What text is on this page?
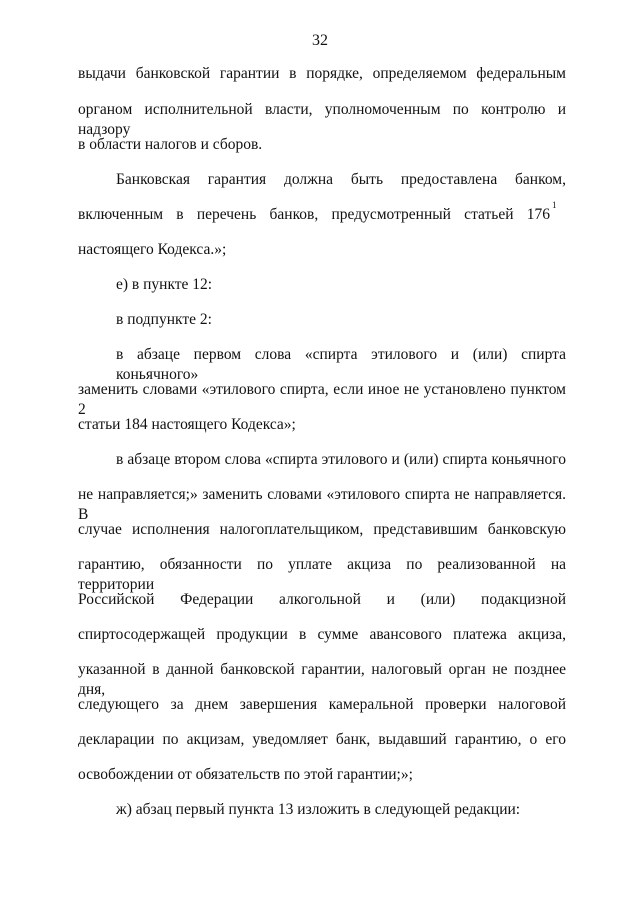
32
выдачи банковской гарантии в порядке, определяемом федеральным
органом исполнительной власти, уполномоченным по контролю и надзору
в области налогов и сборов.
Банковская гарантия должна быть предоставлена банком,
включенным в перечень банков, предусмотренный статьей 176
1
настоящего Кодекса.»;
е) в пункте 12:
в подпункте 2:
в абзаце первом слова «спирта этилового и (или) спирта коньячного»
заменить словами «этилового спирта, если иное не установлено пунктом 2
статьи 184 настоящего Кодекса»;
в абзаце втором слова «спирта этилового и (или) спирта коньячного
не направляется;» заменить словами «этилового спирта не направляется. В
случае исполнения налогоплательщиком, представившим банковскую
гарантию, обязанности по уплате акциза по реализованной на территории
Российской Федерации алкогольной и (или) подакцизной
спиртосодержащей продукции в сумме авансового платежа акциза,
указанной в данной банковской гарантии, налоговый орган не позднее дня,
следующего за днем завершения камеральной проверки налоговой
декларации по акцизам, уведомляет банк, выдавший гарантию, о его
освобождении от обязательств по этой гарантии;»;
ж) абзац первый пункта 13 изложить в следующей редакции:
